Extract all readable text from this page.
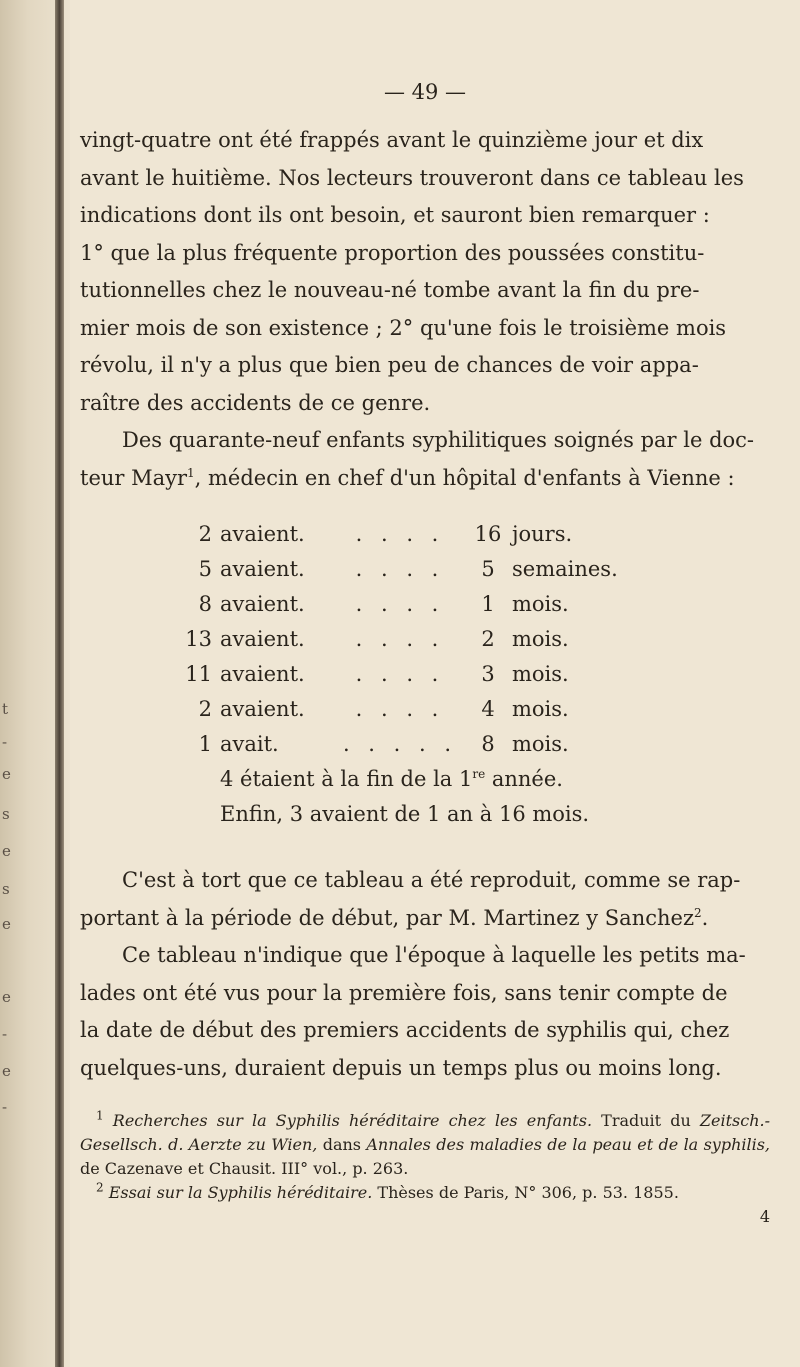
t
-
e
s
e
s
e
e
-
e
-
— 49 —

vingt-quatre ont été frappés avant le quinzième jour et dix
avant le huitième. Nos lecteurs trouveront dans ce tableau les
indications dont ils ont besoin, et sauront bien remarquer :
1° que la plus fréquente proportion des poussées constitu-
tutionnelles chez le nouveau-né tombe avant la fin du pre-
mier mois de son existence ; 2° qu'une fois le troisième mois
révolu, il n'y a plus que bien peu de chances de voir appa-
raître des accidents de ce genre.

Des quarante-neuf enfants syphilitiques soignés par le doc-
teur Mayr$^1$, médecin en chef d'un hôpital d'enfants à Vienne :

2 avaient.	. . . .	16 jours.
5 avaient.	. . . .	5 semaines.
8 avaient.	. . . .	1 mois.
13 avaient.	. . . .	2 mois.
11 avaient.	. . . .	3 mois.
2 avaient.	. . . .	4 mois.
1 avait.	. . . . .	8 mois.
4 étaient à la fin de la 1re année.
Enfin, 3 avaient de 1 an à 16 mois.

C'est à tort que ce tableau a été reproduit, comme se rap-
portant à la période de début, par M. Martinez y Sanchez$^2$.

Ce tableau n'indique que l'époque à laquelle les petits ma-
lades ont été vus pour la première fois, sans tenir compte de
la date de début des premiers accidents de syphilis qui, chez
quelques-uns, duraient depuis un temps plus ou moins long.

$^1$ Recherches sur la Syphilis héréditaire chez les enfants. Traduit du Zeitsch.-Gesellsch. d. Aerzte zu Wien, dans Annales des maladies de la peau et de la syphilis, de Cazenave et Chausit. III° vol., p. 263.

$^2$ Essai sur la Syphilis héréditaire. Thèses de Paris, N° 306, p. 53. 1855.

4
